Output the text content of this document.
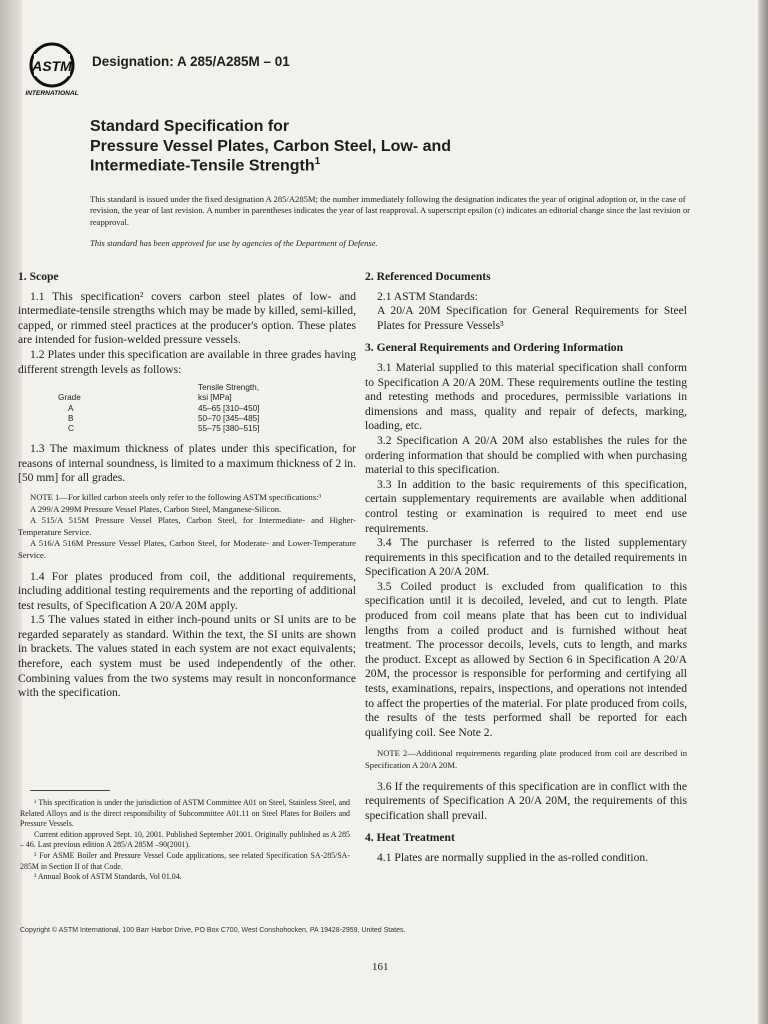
ASTM
INTERNATIONAL
Designation: A 285/A285M – 01
Standard Specification for
Pressure Vessel Plates, Carbon Steel, Low- and
Intermediate-Tensile Strength$^1$
This standard is issued under the fixed designation A 285/A285M; the number immediately following the designation indicates the year of original adoption or, in the case of revision, the year of last revision. A number in parentheses indicates the year of last reapproval. A superscript epsilon (ε) indicates an editorial change since the last revision or reapproval.
This standard has been approved for use by agencies of the Department of Defense.

1. Scope

1.1 This specification² covers carbon steel plates of low- and intermediate-tensile strengths which may be made by killed, semi-killed, capped, or rimmed steel practices at the producer's option. These plates are intended for fusion-welded pressure vessels.

1.2 Plates under this specification are available in three grades having different strength levels as follows:

	Tensile Strength,
Grade	ksi [MPa]
A	45–65 [310–450]
B	50–70 [345–485]
C	55–75 [380–515]

1.3 The maximum thickness of plates under this specification, for reasons of internal soundness, is limited to a maximum thickness of 2 in. [50 mm] for all grades.

NOTE 1—For killed carbon steels only refer to the following ASTM specifications:³

A 299/A 299M Pressure Vessel Plates, Carbon Steel, Manganese-Silicon.

A 515/A 515M Pressure Vessel Plates, Carbon Steel, for Intermediate- and Higher-Temperature Service.

A 516/A 516M Pressure Vessel Plates, Carbon Steel, for Moderate- and Lower-Temperature Service.

1.4 For plates produced from coil, the additional requirements, including additional testing requirements and the reporting of additional test results, of Specification A 20/A 20M apply.

1.5 The values stated in either inch-pound units or SI units are to be regarded separately as standard. Within the text, the SI units are shown in brackets. The values stated in each system are not exact equivalents; therefore, each system must be used independently of the other. Combining values from the two systems may result in nonconformance with the specification.

¹ This specification is under the jurisdiction of ASTM Committee A01 on Steel, Stainless Steel, and Related Alloys and is the direct responsibility of Subcommittee A01.11 on Steel Plates for Boilers and Pressure Vessels.

Current edition approved Sept. 10, 2001. Published September 2001. Originally published as A 285 – 46. Last previous edition A 285/A 285M –90(2001).

² For ASME Boiler and Pressure Vessel Code applications, see related Specification SA-285/SA-285M in Section II of that Code.

³ Annual Book of ASTM Standards, Vol 01.04.

2. Referenced Documents

2.1 ASTM Standards:

A 20/A 20M Specification for General Requirements for Steel Plates for Pressure Vessels³

3. General Requirements and Ordering Information

3.1 Material supplied to this material specification shall conform to Specification A 20/A 20M. These requirements outline the testing and retesting methods and procedures, permissible variations in dimensions and mass, quality and repair of defects, marking, loading, etc.

3.2 Specification A 20/A 20M also establishes the rules for the ordering information that should be complied with when purchasing material to this specification.

3.3 In addition to the basic requirements of this specification, certain supplementary requirements are available when additional control testing or examination is required to meet end use requirements.

3.4 The purchaser is referred to the listed supplementary requirements in this specification and to the detailed requirements in Specification A 20/A 20M.

3.5 Coiled product is excluded from qualification to this specification until it is decoiled, leveled, and cut to length. Plate produced from coil means plate that has been cut to individual lengths from a coiled product and is furnished without heat treatment. The processor decoils, levels, cuts to length, and marks the product. Except as allowed by Section 6 in Specification A 20/A 20M, the processor is responsible for performing and certifying all tests, examinations, repairs, inspections, and operations not intended to affect the properties of the material. For plate produced from coils, the results of the tests performed shall be reported for each qualifying coil. See Note 2.

NOTE 2—Additional requirements regarding plate produced from coil are described in Specification A 20/A 20M.

3.6 If the requirements of this specification are in conflict with the requirements of Specification A 20/A 20M, the requirements of this specification shall prevail.

4. Heat Treatment

4.1 Plates are normally supplied in the as-rolled condition.

Copyright © ASTM International, 100 Barr Harbor Drive, PO Box C700, West Conshohocken, PA 19428-2959, United States.
161
